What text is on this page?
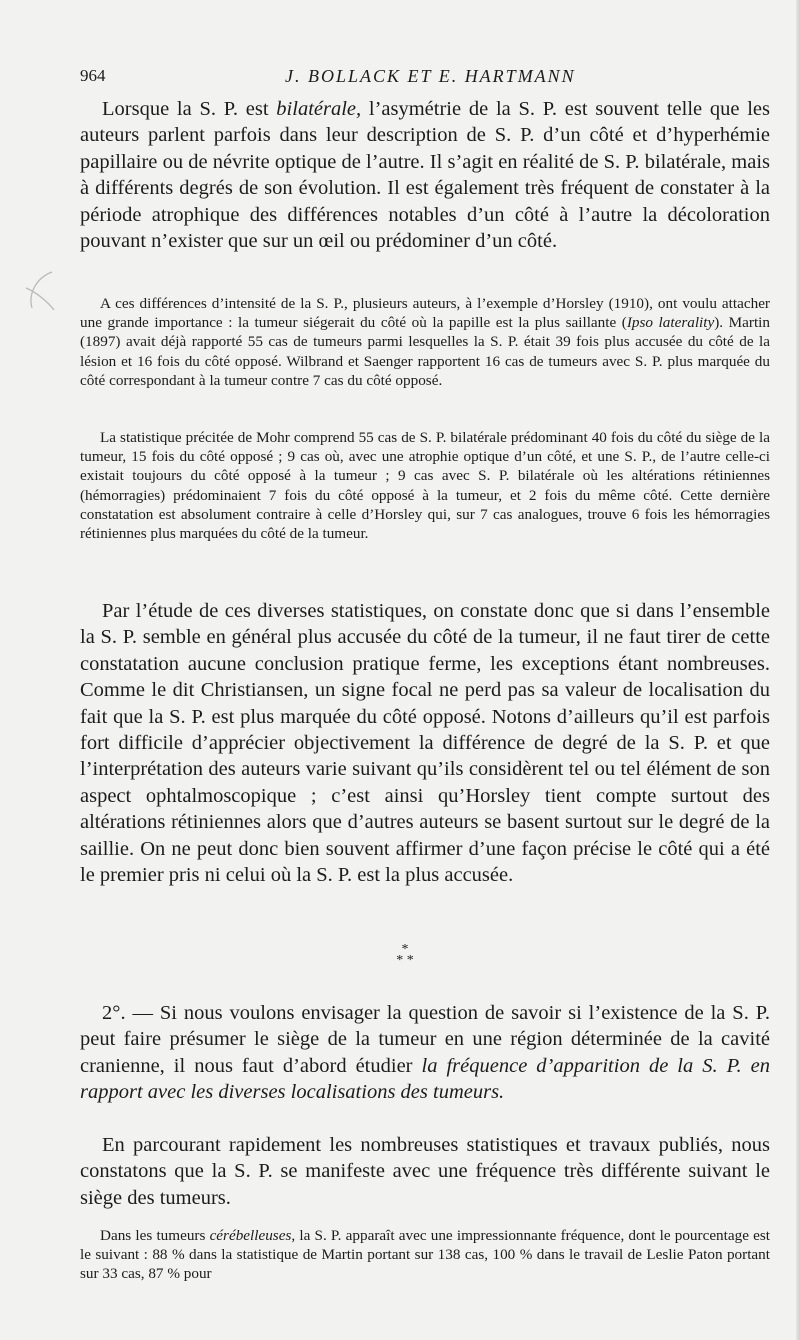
964	J. BOLLACK ET E. HARTMANN

Lorsque la S. P. est bilatérale, l’asymétrie de la S. P. est souvent telle que les auteurs parlent parfois dans leur description de S. P. d’un côté et d’hyperhémie papillaire ou de névrite optique de l’autre. Il s’agit en réalité de S. P. bilatérale, mais à différents degrés de son évolution. Il est également très fréquent de constater à la période atrophique des différences notables d’un côté à l’autre la décoloration pouvant n’exister que sur un œil ou prédominer d’un côté.

A ces différences d’intensité de la S. P., plusieurs auteurs, à l’exemple d’Horsley (1910), ont voulu attacher une grande importance : la tumeur siégerait du côté où la papille est la plus saillante (Ipso laterality). Martin (1897) avait déjà rapporté 55 cas de tumeurs parmi lesquelles la S. P. était 39 fois plus accusée du côté de la lésion et 16 fois du côté opposé. Wilbrand et Saenger rapportent 16 cas de tumeurs avec S. P. plus marquée du côté correspondant à la tumeur contre 7 cas du côté opposé.

La statistique précitée de Mohr comprend 55 cas de S. P. bilatérale prédominant 40 fois du côté du siège de la tumeur, 15 fois du côté opposé ; 9 cas où, avec une atrophie optique d’un côté, et une S. P., de l’autre celle-ci existait toujours du côté opposé à la tumeur ; 9 cas avec S. P. bilatérale où les altérations rétiniennes (hémorragies) prédominaient 7 fois du côté opposé à la tumeur, et 2 fois du même côté. Cette dernière constatation est absolument contraire à celle d’Horsley qui, sur 7 cas analogues, trouve 6 fois les hémorragies rétiniennes plus marquées du côté de la tumeur.

Par l’étude de ces diverses statistiques, on constate donc que si dans l’ensemble la S. P. semble en général plus accusée du côté de la tumeur, il ne faut tirer de cette constatation aucune conclusion pratique ferme, les exceptions étant nombreuses. Comme le dit Christiansen, un signe focal ne perd pas sa valeur de localisation du fait que la S. P. est plus marquée du côté opposé. Notons d’ailleurs qu’il est parfois fort difficile d’apprécier objectivement la différence de degré de la S. P. et que l’interprétation des auteurs varie suivant qu’ils considèrent tel ou tel élément de son aspect ophtalmoscopique ; c’est ainsi qu’Horsley tient compte surtout des altérations rétiniennes alors que d’autres auteurs se basent surtout sur le degré de la saillie. On ne peut donc bien souvent affirmer d’une façon précise le côté qui a été le premier pris ni celui où la S. P. est la plus accusée.

*
* *

2°. — Si nous voulons envisager la question de savoir si l’existence de la S. P. peut faire présumer le siège de la tumeur en une région déterminée de la cavité cranienne, il nous faut d’abord étudier la fréquence d’apparition de la S. P. en rapport avec les diverses localisations des tumeurs.

En parcourant rapidement les nombreuses statistiques et travaux publiés, nous constatons que la S. P. se manifeste avec une fréquence très différente suivant le siège des tumeurs.

Dans les tumeurs cérébelleuses, la S. P. apparaît avec une impressionnante fréquence, dont le pourcentage est le suivant : 88 % dans la statistique de Martin portant sur 138 cas, 100 % dans le travail de Leslie Paton portant sur 33 cas, 87 % pour
